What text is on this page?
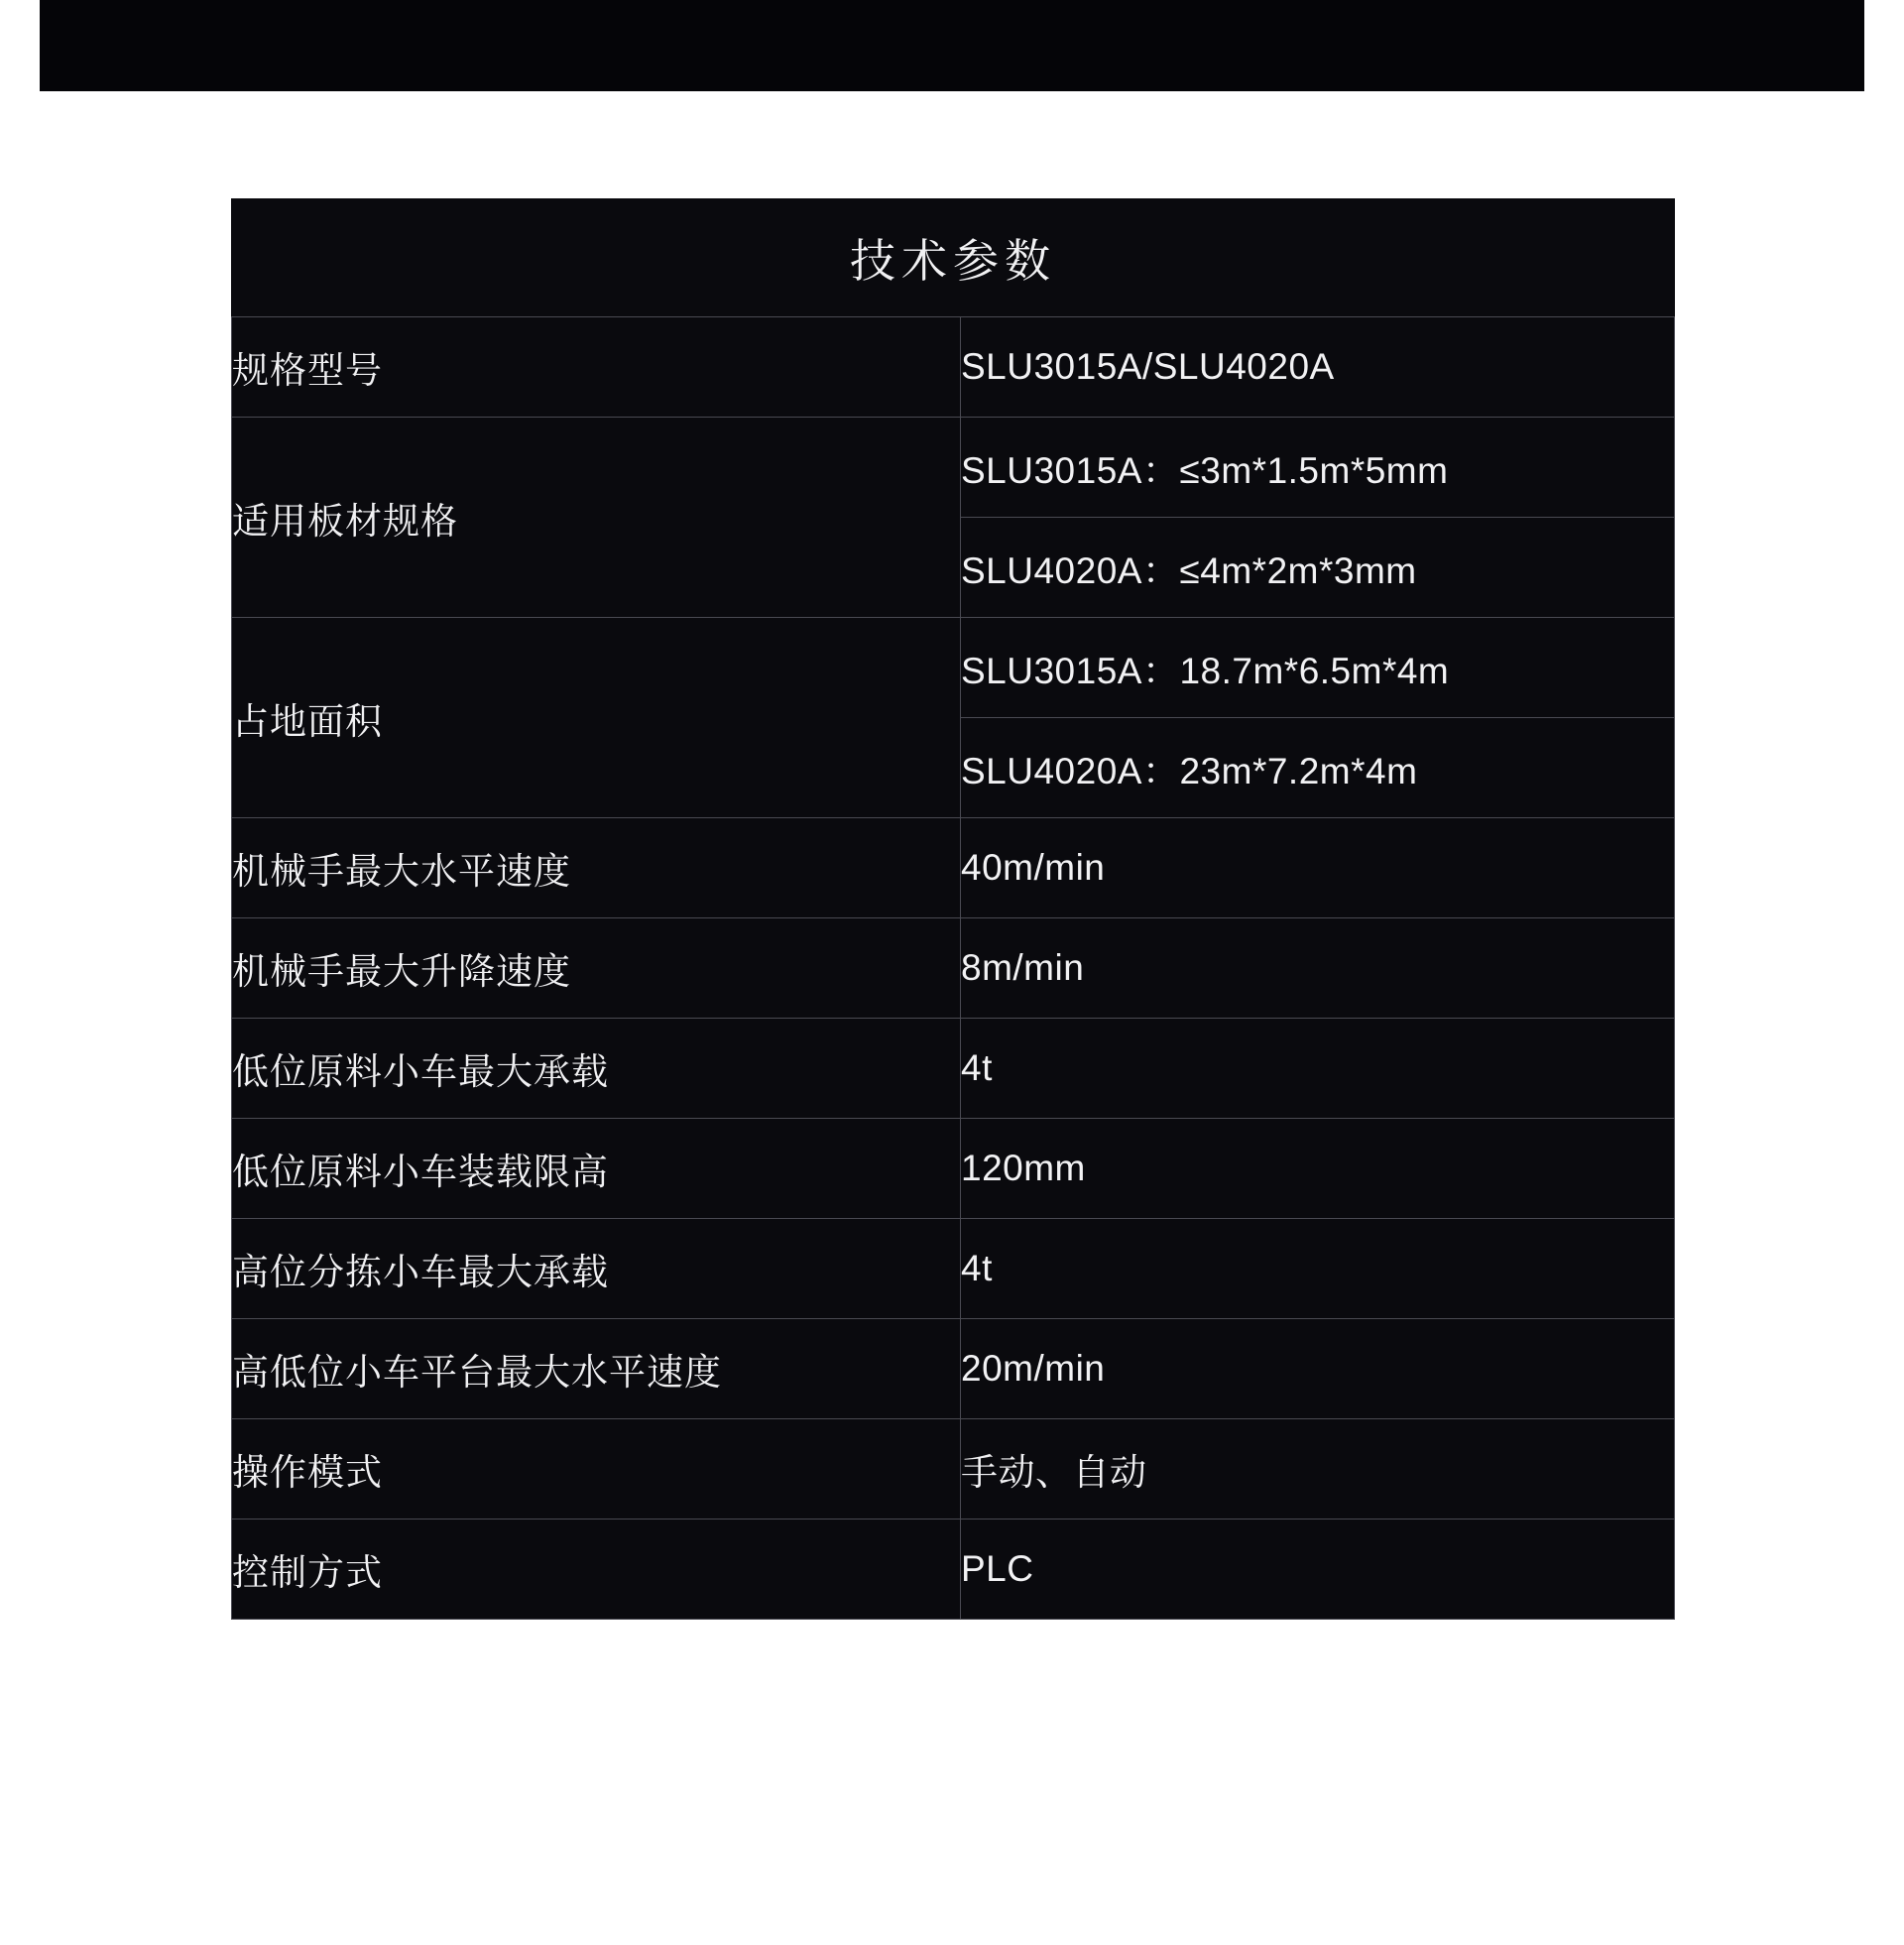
技术参数	
规格型号	SLU3015A/SLU4020A
适用板材规格	SLU3015A：≤3m*1.5m*5mm
	SLU4020A：≤4m*2m*3mm
占地面积	SLU3015A：18.7m*6.5m*4m
	SLU4020A：23m*7.2m*4m
机械手最大水平速度	40m/min
机械手最大升降速度	8m/min
低位原料小车最大承载	4t
低位原料小车装载限高	120mm
高位分拣小车最大承载	4t
高低位小车平台最大水平速度	20m/min
操作模式	手动、自动
控制方式	PLC
